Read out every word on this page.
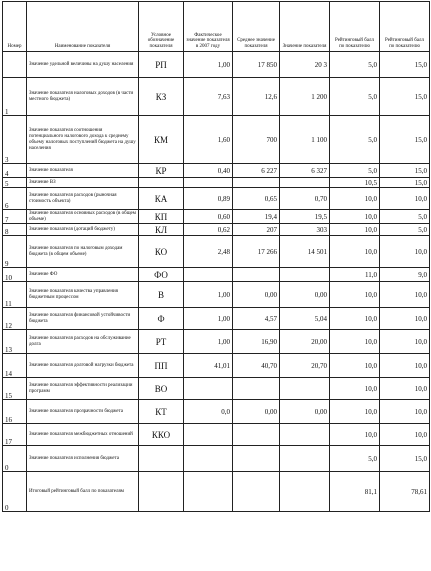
Номер	Наименование показателя	Условное обозначение показателя	Фактическое значение показателя в 2007 году	Среднее значение показателя	Значение показателя	Рейтинговый балл по показателю	Рейтинговый балл по показателю
	Значение удельной величины на душу населения	РП	1,00	17 850	20 3	5,0	15,0
1	Значение показателя налоговых доходов (в части местного бюджета)	КЗ	7,63	12,6	1 200	5,0	15,0
3	Значение показателя соотношения потенциального налогового дохода к среднему объему налоговых поступлений бюджета на душу населения	КМ	1,60	700	1 100	5,0	15,0
4	Значение показателя	КР	0,40	6 227	6 327	5,0	15,0
5	Значение ВЗ					10,5	15,0
6	Значение показателя расходов (рыночная стоимость объекта)	КА	0,89	0,65	0,70	10,0	10,0
7	Значение показателя основных расходов (в общем объеме)	КП	0,60	19,4	19,5	10,0	5,0
8	Значение показателя (дотаций бюджету)	КЛ	0,62	207	303	10,0	5,0
9	Значение показателя по налоговым доходам бюджета (в общем объеме)	КО	2,48	17 266	14 501	10,0	10,0
10	Значение ФО	ФО				11,0	9,0
11	Значение показателя качества управления бюджетным процессом	В	1,00	0,00	0,00	10,0	10,0
12	Значение показателя финансовой устойчивости бюджета	Ф	1,00	4,57	5,04	10,0	10,0
13	Значение показателя расходов на обслуживание долга	РТ	1,00	16,90	20,00	10,0	10,0
14	Значение показателя долговой нагрузки бюджета	ПП	41,01	40,70	20,70	10,0	10,0
15	Значение показателя эффективности реализации программ	ВО				10,0	10,0
16	Значение показателя прозрачности бюджета	КТ	0,0	0,00	0,00	10,0	10,0
17	Значение показателя межбюджетных отношений	ККО				10,0	10,0
0	Значение показателя исполнения бюджета					5,0	15,0
0	Итоговый рейтинговый балл по показателям					81,1	78,61
